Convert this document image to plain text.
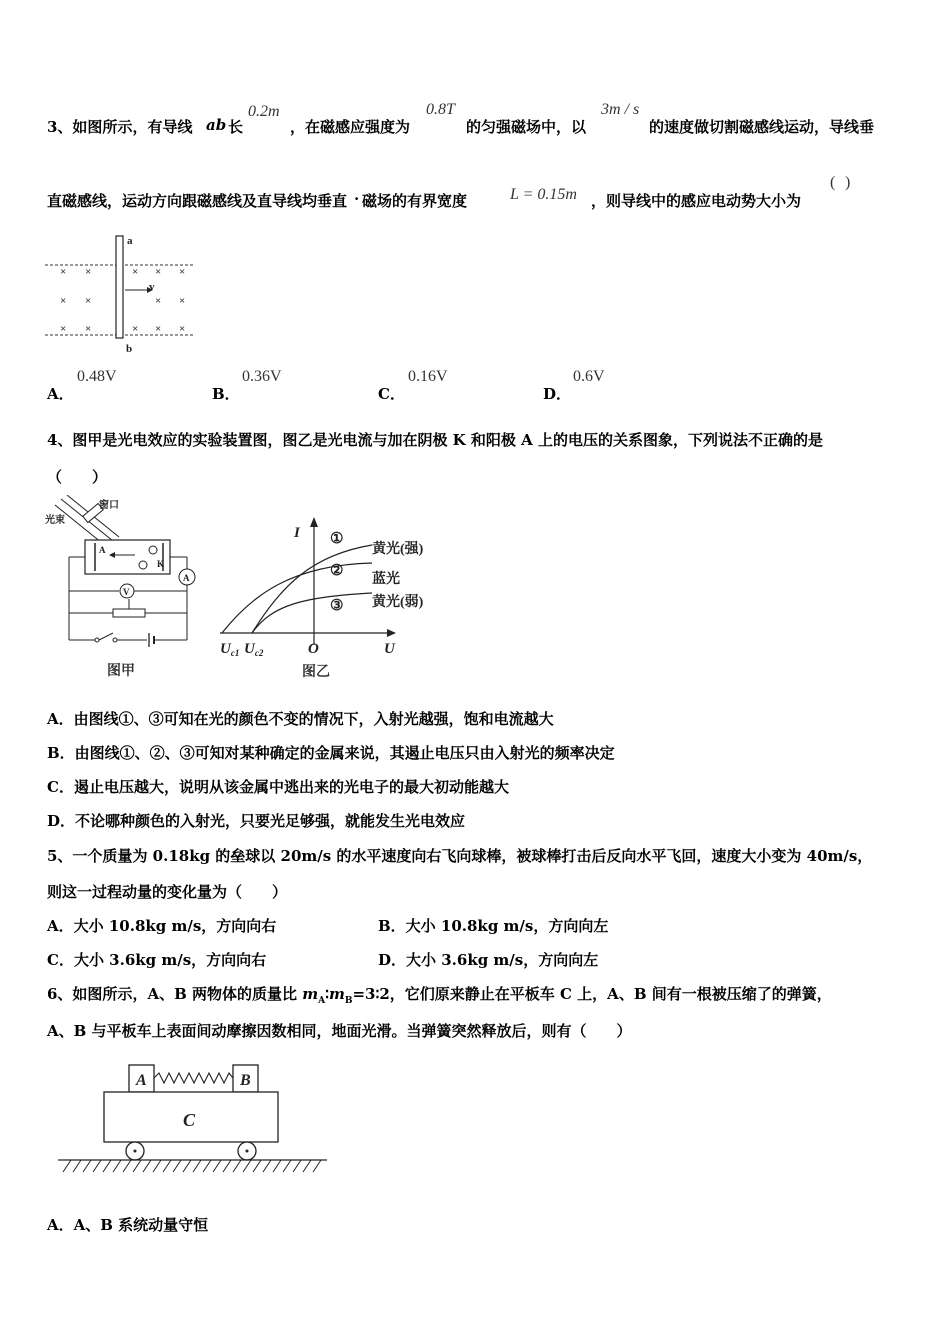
3、如图所示，有导线 ab 长
0.2m
，在磁感应强度为
0.8T
的匀强磁场中，以
3m / s
的速度做切割磁感线运动，导线垂
直磁感线，运动方向跟磁感线及直导线均垂直 · 磁场的有界宽度	L = 0.15m ，则导线中的感应电动势大小为
(   )
a
b
v
× ×	× × ×
× ×	× ×
× ×	× × ×
A．
0.48V
B．
0.36V
C．
0.16V
D．
0.6V
4、图甲是光电效应的实验装置图，图乙是光电流与加在阴极 K 和阳极 A 上的电压的关系图象，下列说法不正确的是
（　　）
光束
窗口
A
K
A
V
图甲
I
U
O
$U_{c1}$ $U_{c2}$
①
②
③
黄光(强)
蓝光
黄光(弱)
图乙
A．由图线①、③可知在光的颜色不变的情况下，入射光越强，饱和电流越大
B．由图线①、②、③可知对某种确定的金属来说，其遏止电压只由入射光的频率决定
C．遏止电压越大，说明从该金属中逃出来的光电子的最大初动能越大
D．不论哪种颜色的入射光，只要光足够强，就能发生光电效应
5、一个质量为 0.18kg 的垒球以 20m/s 的水平速度向右飞向球棒，被球棒打击后反向水平飞回，速度大小变为 40m/s，
则这一过程动量的变化量为（　　）
A．大小 10.8kg m/s，方向向右	B．大小 10.8kg m/s，方向向左
C．大小 3.6kg m/s，方向向右	D．大小 3.6kg m/s，方向向左
6、如图所示，A、B 两物体的质量比 $m_A∶m_B=3∶2$，它们原来静止在平板车 C 上，A、B 间有一根被压缩了的弹簧，
A、B 与平板车上表面间动摩擦因数相同，地面光滑。当弹簧突然释放后，则有（　　）
A	B
C
A．A、B 系统动量守恒
